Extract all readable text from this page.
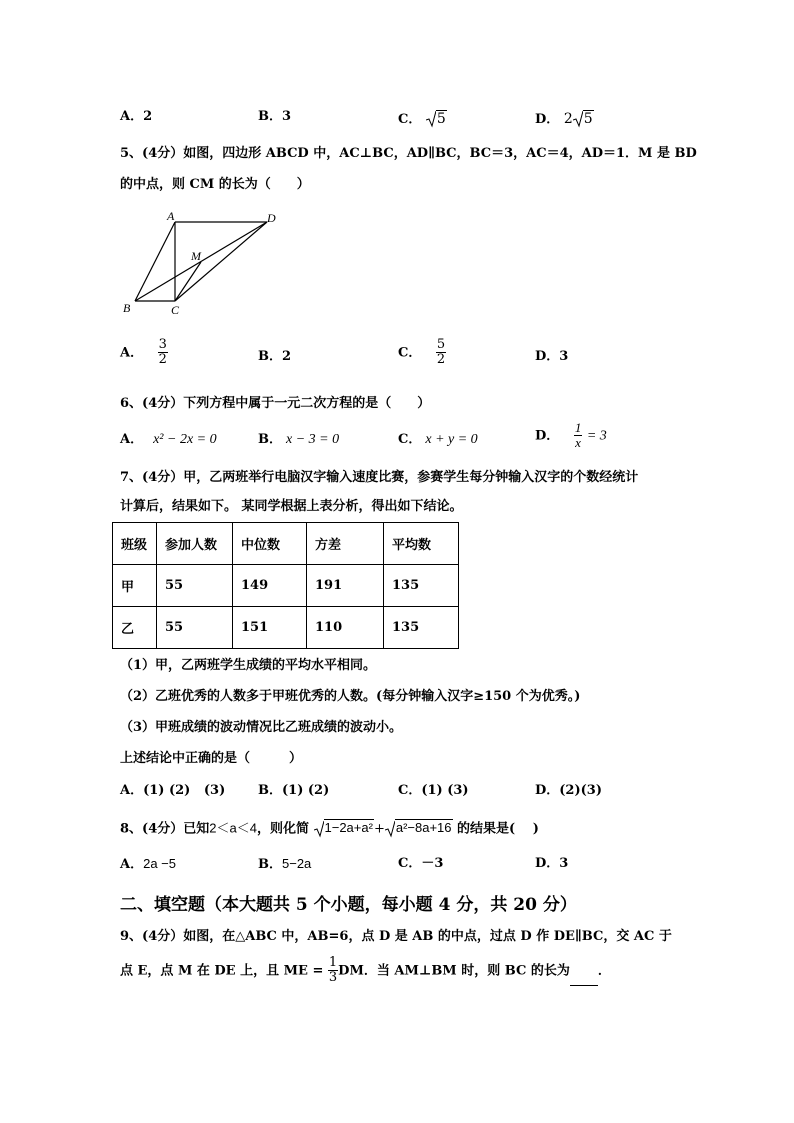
A．2	B．3	C． 5	D． 2 5
5、(4分）如图，四边形 ABCD 中，AC⊥BC，AD∥BC，BC＝3，AC＝4，AD＝1．M 是 BD
的中点，则 CM 的长为（　　）
A	D
M
B	C
A． $\frac{3}{2}$	B．2	C． $\frac{5}{2}$	D．3
6、(4分）下列方程中属于一元二次方程的是（　　）
A． x² − 2x = 0	B． x − 3 = 0	C． x + y = 0	D． $\frac{1}{x} = 3$
7、(4分）甲，乙两班举行电脑汉字输入速度比赛，参赛学生每分钟输入汉字的个数经统计
计算后，结果如下。 某同学根据上表分析，得出如下结论。
班级	参加人数	中位数	方差	平均数
甲	55	149	191	135
乙	55	151	110	135
（1）甲，乙两班学生成绩的平均水平相同。
（2）乙班优秀的人数多于甲班优秀的人数。(每分钟输入汉字≥150 个为优秀。)
（3）甲班成绩的波动情况比乙班成绩的波动小。
上述结论中正确的是（　　　）
A．(1) (2)   (3)	B．(1) (2)	C．(1) (3)	D．(2)(3)
8、(4分）已知2＜a＜4，则化简 1−2a+a²+ a²−8a+16 的结果是(　 )
A．2a −5	B．5−2a	C．－3	D．3
二、填空题（本大题共 5 个小题，每小题 4 分，共 20 分）
9、(4分）如图，在△ABC 中，AB=6，点 D 是 AB 的中点，过点 D 作 DE∥BC，交 AC 于
点 E，点 M 在 DE 上，且 ME = $\frac{1}{3}$ DM．当 AM⊥BM 时，则 BC 的长为 ．
